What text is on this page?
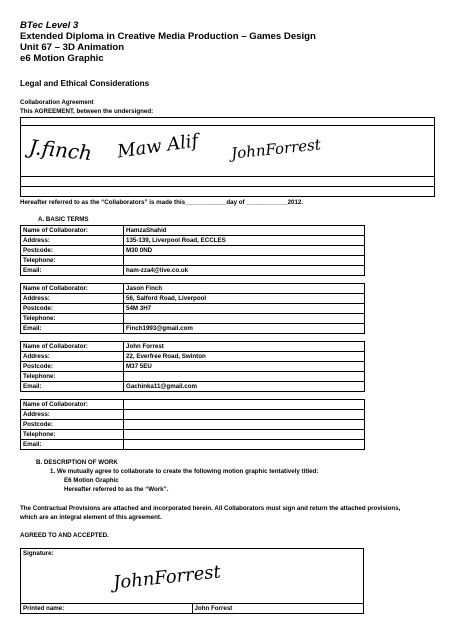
BTec Level 3
Extended Diploma in Creative Media Production – Games Design
Unit 67 – 3D Animation
e6 Motion Graphic
Legal and Ethical Considerations
Collaboration Agreement
This AGREEMENT, between the undersigned:
J.finch Maw Alif JohnForrest
Hereafter referred to as the “Collaborators” is made this____________day of ____________2012.
A. BASIC TERMS
Name of Collaborator:	HamzaShahid
Address:	135-139, Liverpool Road, ECCLES
Postcode:	M30 0ND
Telephone:	
Email:	ham-zza4@live.co.uk
Name of Collaborator:	Jason Finch
Address:	56, Salford Road, Liverpool
Postcode:	54M 3H7
Telephone:	
Email:	Finch1993@gmail.com
Name of Collaborator:	John Forrest
Address:	22, Everfree Road, Swinton
Postcode:	M37 5EU
Telephone:	
Email:	Gachinka11@gmail.com
Name of Collaborator:	
Address:	
Postcode:	
Telephone:	
Email:	
B. DESCRIPTION OF WORK
1. We mutually agree to collaborate to create the following motion graphic tentatively titled:
E6 Motion Graphic
Hereafter referred to as the “Work”.
The Contractual Provisions are attached and incorporated herein. All Collaborators must sign and return the attached provisions,
which are an integral element of this agreement.
AGREED TO AND ACCEPTED.
Signature:
JohnForrest

Printed name:	John Forrest
